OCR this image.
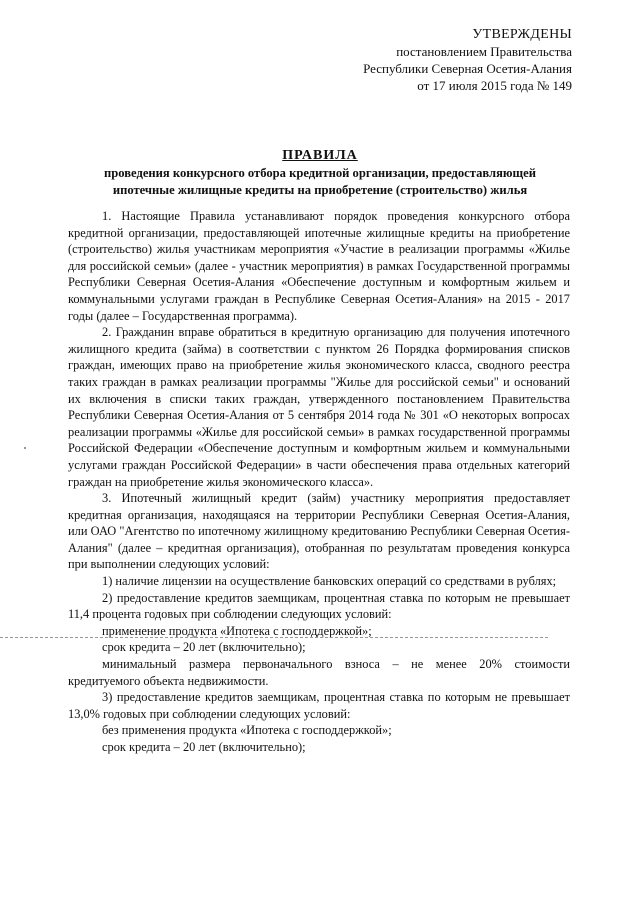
УТВЕРЖДЕНЫ
постановлением Правительства
Республики Северная Осетия-Алания
от 17 июля 2015 года № 149
ПРАВИЛА
проведения конкурсного отбора кредитной организации, предоставляющей
ипотечные жилищные кредиты на приобретение (строительство) жилья

1. Настоящие Правила устанавливают порядок проведения конкурсного отбора кредитной организации, предоставляющей ипотечные жилищные кредиты на приобретение (строительство) жилья участникам мероприятия «Участие в реализации программы «Жилье для российской семьи» (далее - участник мероприятия) в рамках Государственной программы Республики Северная Осетия-Алания «Обеспечение доступным и комфортным жильем и коммунальными услугами граждан в Республике Северная Осетия-Алания» на 2015 - 2017 годы (далее – Государственная программа).

2. Гражданин вправе обратиться в кредитную организацию для получения ипотечного жилищного кредита (займа) в соответствии с пунктом 26 Порядка формирования списков граждан, имеющих право на приобретение жилья экономического класса, сводного реестра таких граждан в рамках реализации программы "Жилье для российской семьи" и оснований их включения в списки таких граждан, утвержденного постановлением Правительства Республики Северная Осетия-Алания от 5 сентября 2014 года № 301 «О некоторых вопросах реализации программы «Жилье для российской семьи» в рамках государственной программы Российской Федерации «Обеспечение доступным и комфортным жильем и коммунальными услугами граждан Российской Федерации» в части обеспечения права отдельных категорий граждан на приобретение жилья экономического класса».

3. Ипотечный жилищный кредит (займ) участнику мероприятия предоставляет кредитная организация, находящаяся на территории Республики Северная Осетия-Алания, или ОАО "Агентство по ипотечному жилищному кредитованию Республики Северная Осетия-Алания" (далее – кредитная организация), отобранная по результатам проведения конкурса при выполнении следующих условий:

1) наличие лицензии на осуществление банковских операций со средствами в рублях;

2) предоставление кредитов заемщикам, процентная ставка по которым не превышает 11,4 процента годовых при соблюдении следующих условий:

применение продукта «Ипотека с господдержкой»;

срок кредита – 20 лет (включительно);

минимальный размера первоначального взноса – не менее 20% стоимости кредитуемого объекта недвижимости.

3) предоставление кредитов заемщикам, процентная ставка по которым не превышает 13,0% годовых при соблюдении следующих условий:

без применения продукта «Ипотека с господдержкой»;

срок кредита – 20 лет (включительно);
